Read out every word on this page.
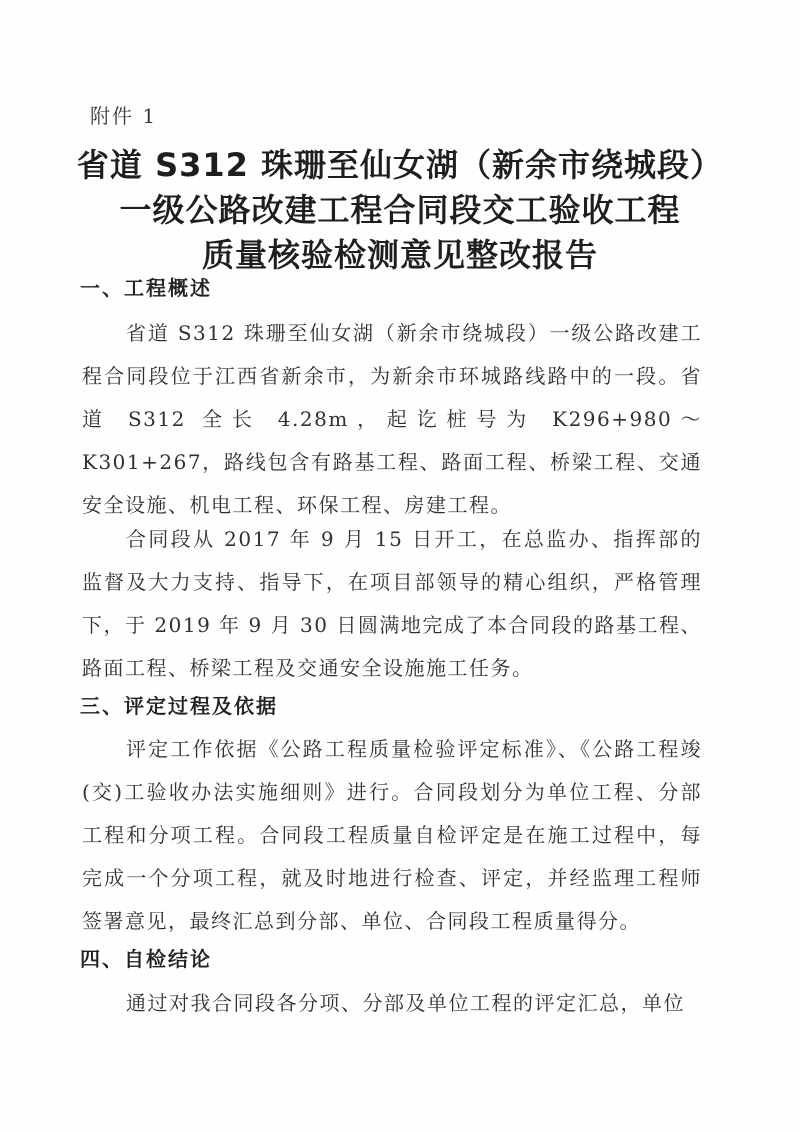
附件 1
省道 S312 珠珊至仙女湖（新余市绕城段）
一级公路改建工程合同段交工验收工程
质量核验检测意见整改报告
一、工程概述
省道 S312 珠珊至仙女湖（新余市绕城段）一级公路改建工程合同段位于江西省新余市，为新余市环城路线路中的一段。省道 S312 全长 4.28m，起讫桩号为 K296+980～K301+267，路线包含有路基工程、路面工程、桥梁工程、交通安全设施、机电工程、环保工程、房建工程。
合同段从 2017 年 9 月 15 日开工，在总监办、指挥部的监督及大力支持、指导下，在项目部领导的精心组织，严格管理下，于 2019 年 9 月 30 日圆满地完成了本合同段的路基工程、路面工程、桥梁工程及交通安全设施施工任务。
三、评定过程及依据
评定工作依据《公路工程质量检验评定标准》、《公路工程竣(交)工验收办法实施细则》进行。合同段划分为单位工程、分部工程和分项工程。合同段工程质量自检评定是在施工过程中，每完成一个分项工程，就及时地进行检查、评定，并经监理工程师签署意见，最终汇总到分部、单位、合同段工程质量得分。
四、自检结论
通过对我合同段各分项、分部及单位工程的评定汇总，单位
